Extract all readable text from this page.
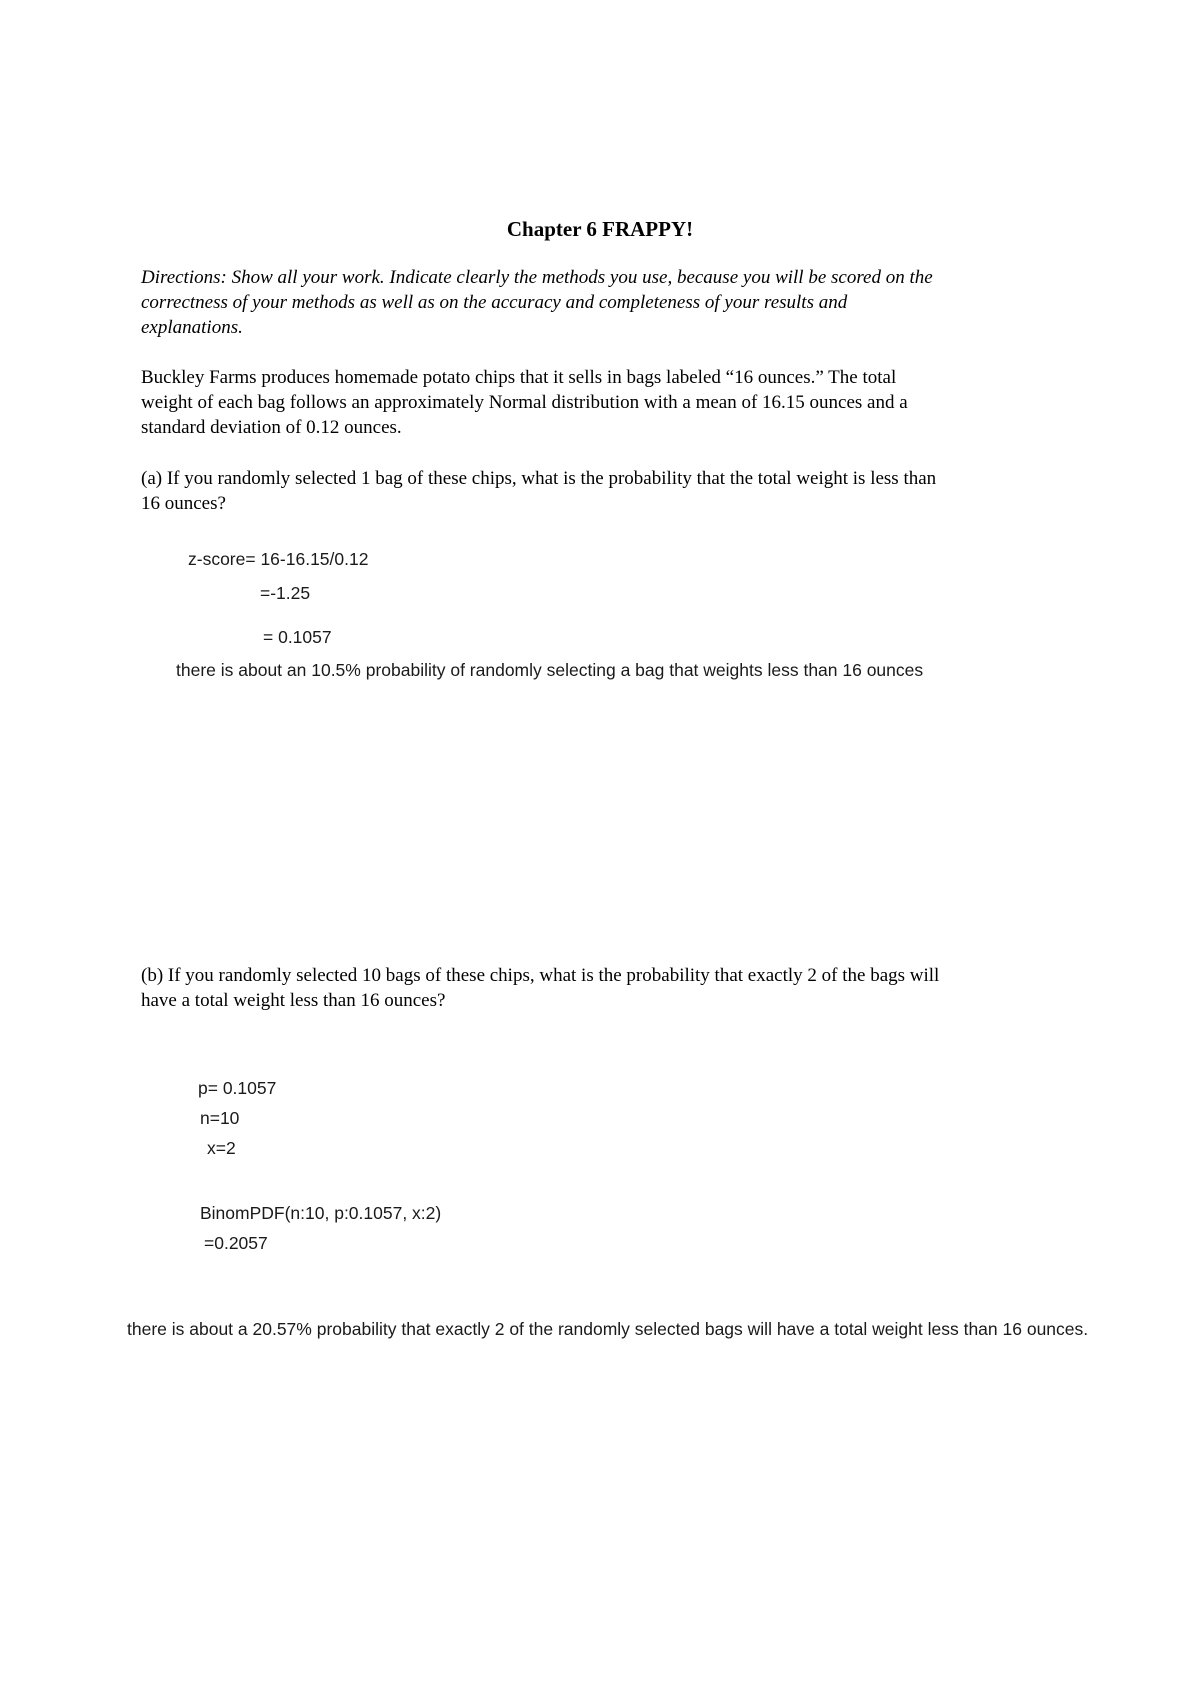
Chapter 6 FRAPPY!
Directions: Show all your work. Indicate clearly the methods you use, because you will be scored on the
correctness of your methods as well as on the accuracy and completeness of your results and
explanations.
Buckley Farms produces homemade potato chips that it sells in bags labeled “16 ounces.” The total
weight of each bag follows an approximately Normal distribution with a mean of 16.15 ounces and a
standard deviation of 0.12 ounces.
(a) If you randomly selected 1 bag of these chips, what is the probability that the total weight is less than
16 ounces?
z-score= 16-16.15/0.12
=-1.25
= 0.1057
there is about an 10.5% probability of randomly selecting a bag that weights less than 16 ounces
(b) If you randomly selected 10 bags of these chips, what is the probability that exactly 2 of the bags will
have a total weight less than 16 ounces?
p= 0.1057
n=10
x=2
BinomPDF(n:10, p:0.1057, x:2)
=0.2057
there is about a 20.57% probability that exactly 2 of the randomly selected bags will have a total weight less than 16 ounces.
